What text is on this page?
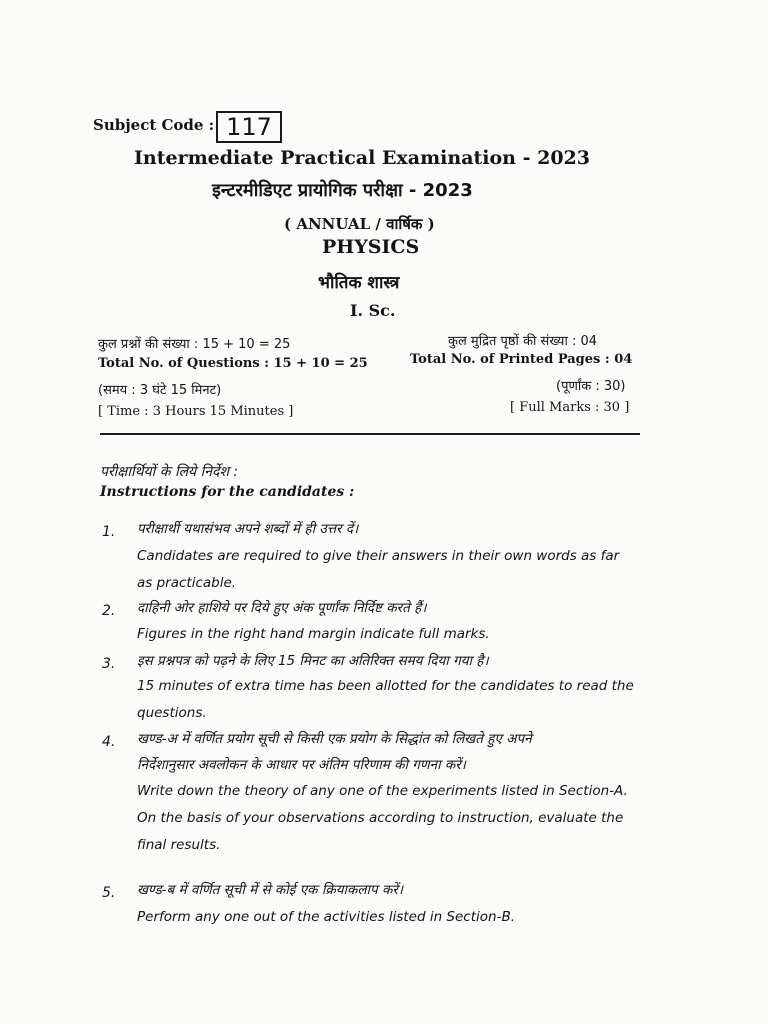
Subject Code : 117
Intermediate Practical Examination - 2023
इन्टरमीडिएट प्रायोगिक परीक्षा - 2023
( ANNUAL / वार्षिक )
PHYSICS
भौतिक शास्त्र
I. Sc.
कुल प्रश्नों की संख्या : 15 + 10 = 25
Total No. of Questions : 15 + 10 = 25
(समय : 3 घंटे 15 मिनट)
[ Time : 3 Hours 15 Minutes ]
कुल मुद्रित पृष्ठों की संख्या : 04
Total No. of Printed Pages : 04
(पूर्णांक : 30)
[ Full Marks : 30 ]
परीक्षार्थियों के लिये निर्देश :
Instructions for the candidates :
1. परीक्षार्थी यथासंभव अपने शब्दों में ही उत्तर दें।
Candidates are required to give their answers in their own words as far
as practicable.
2. दाहिनी ओर हाशिये पर दिये हुए अंक पूर्णांक निर्दिष्ट करते हैं।
Figures in the right hand margin indicate full marks.
3. इस प्रश्नपत्र को पढ़ने के लिए 15 मिनट का अतिरिक्त समय दिया गया है।
15 minutes of extra time has been allotted for the candidates to read the
questions.
4. खण्ड-अ में वर्णित प्रयोग सूची से किसी एक प्रयोग के सिद्धांत को लिखते हुए अपने
निर्देशानुसार अवलोकन के आधार पर अंतिम परिणाम की गणना करें।
Write down the theory of any one of the experiments listed in Section-A.
On the basis of your observations according to instruction, evaluate the
final results.
5. खण्ड-ब में वर्णित सूची में से कोई एक क्रियाकलाप करें।
Perform any one out of the activities listed in Section-B.
